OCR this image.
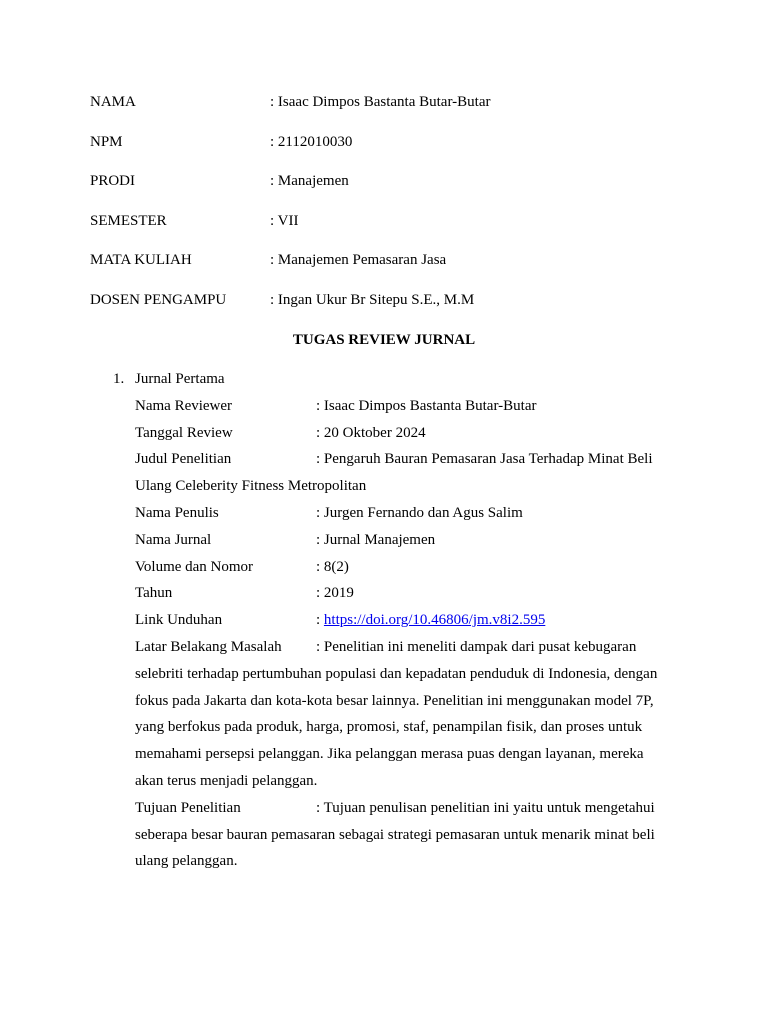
NAMA	: Isaac Dimpos Bastanta Butar-Butar
NPM	: 2112010030
PRODI	: Manajemen
SEMESTER	: VII
MATA KULIAH	: Manajemen Pemasaran Jasa
DOSEN PENGAMPU	: Ingan Ukur Br Sitepu S.E., M.M
TUGAS REVIEW JURNAL
1. Jurnal Pertama
Nama Reviewer	: Isaac Dimpos Bastanta Butar-Butar
Tanggal Review	: 20 Oktober 2024
Judul Penelitian	: Pengaruh Bauran Pemasaran Jasa Terhadap Minat Beli Ulang Celeberity Fitness Metropolitan
Nama Penulis	: Jurgen Fernando dan Agus Salim
Nama Jurnal	: Jurnal Manajemen
Volume dan Nomor	: 8(2)
Tahun	: 2019
Link Unduhan	: https://doi.org/10.46806/jm.v8i2.595
Latar Belakang Masalah : Penelitian ini meneliti dampak dari pusat kebugaran selebriti terhadap pertumbuhan populasi dan kepadatan penduduk di Indonesia, dengan fokus pada Jakarta dan kota-kota besar lainnya. Penelitian ini menggunakan model 7P, yang berfokus pada produk, harga, promosi, staf, penampilan fisik, dan proses untuk memahami persepsi pelanggan. Jika pelanggan merasa puas dengan layanan, mereka akan terus menjadi pelanggan.
Tujuan Penelitian	: Tujuan penulisan penelitian ini yaitu untuk mengetahui seberapa besar bauran pemasaran sebagai strategi pemasaran untuk menarik minat beli ulang pelanggan.
